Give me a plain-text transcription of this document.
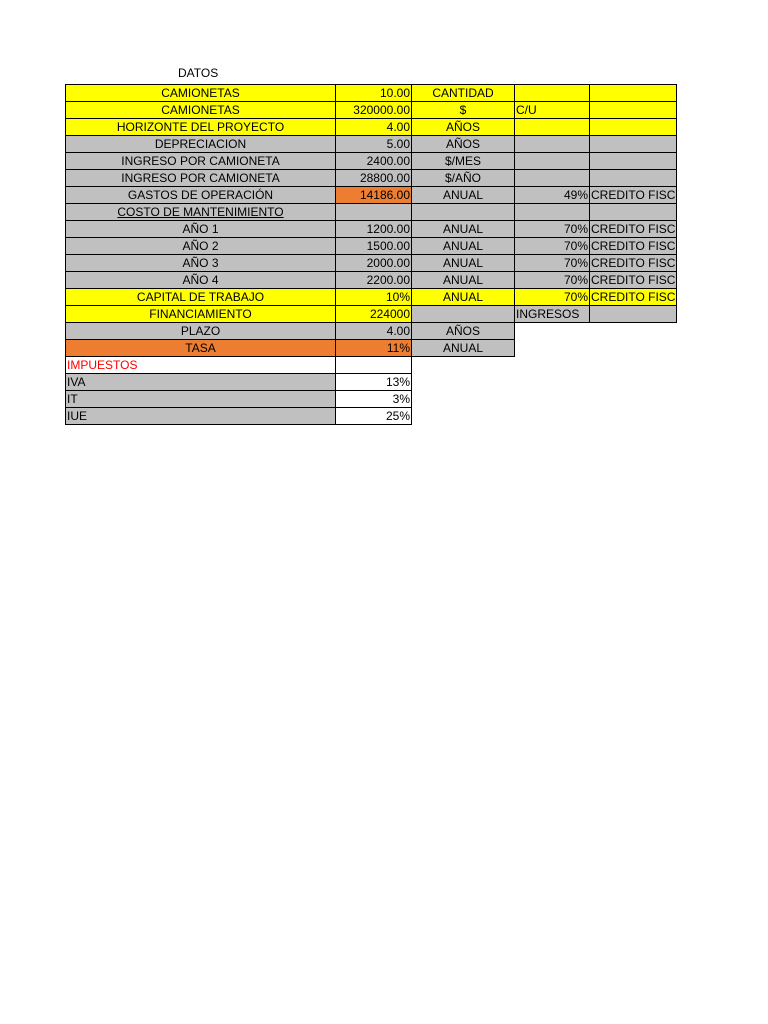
DATOS
CAMIONETAS	10.00	CANTIDAD		
CAMIONETAS	320000.00	$	C/U	
HORIZONTE DEL PROYECTO	4.00	AÑOS		
DEPRECIACION	5.00	AÑOS		
INGRESO POR CAMIONETA	2400.00	$/MES		
INGRESO POR CAMIONETA	28800.00	$/AÑO		
GASTOS DE OPERACIÓN	14186.00	ANUAL	49%	CREDITO FISC
COSTO DE MANTENIMIENTO				
AÑO 1	1200.00	ANUAL	70%	CREDITO FISC
AÑO 2	1500.00	ANUAL	70%	CREDITO FISC
AÑO 3	2000.00	ANUAL	70%	CREDITO FISC
AÑO 4	2200.00	ANUAL	70%	CREDITO FISC
CAPITAL DE TRABAJO	10%	ANUAL	70%	CREDITO FISC
FINANCIAMIENTO	224000		INGRESOS	
PLAZO	4.00	AÑOS		
TASA	11%	ANUAL		
IMPUESTOS				
IVA	13%			
IT	3%			
IUE	25%			
